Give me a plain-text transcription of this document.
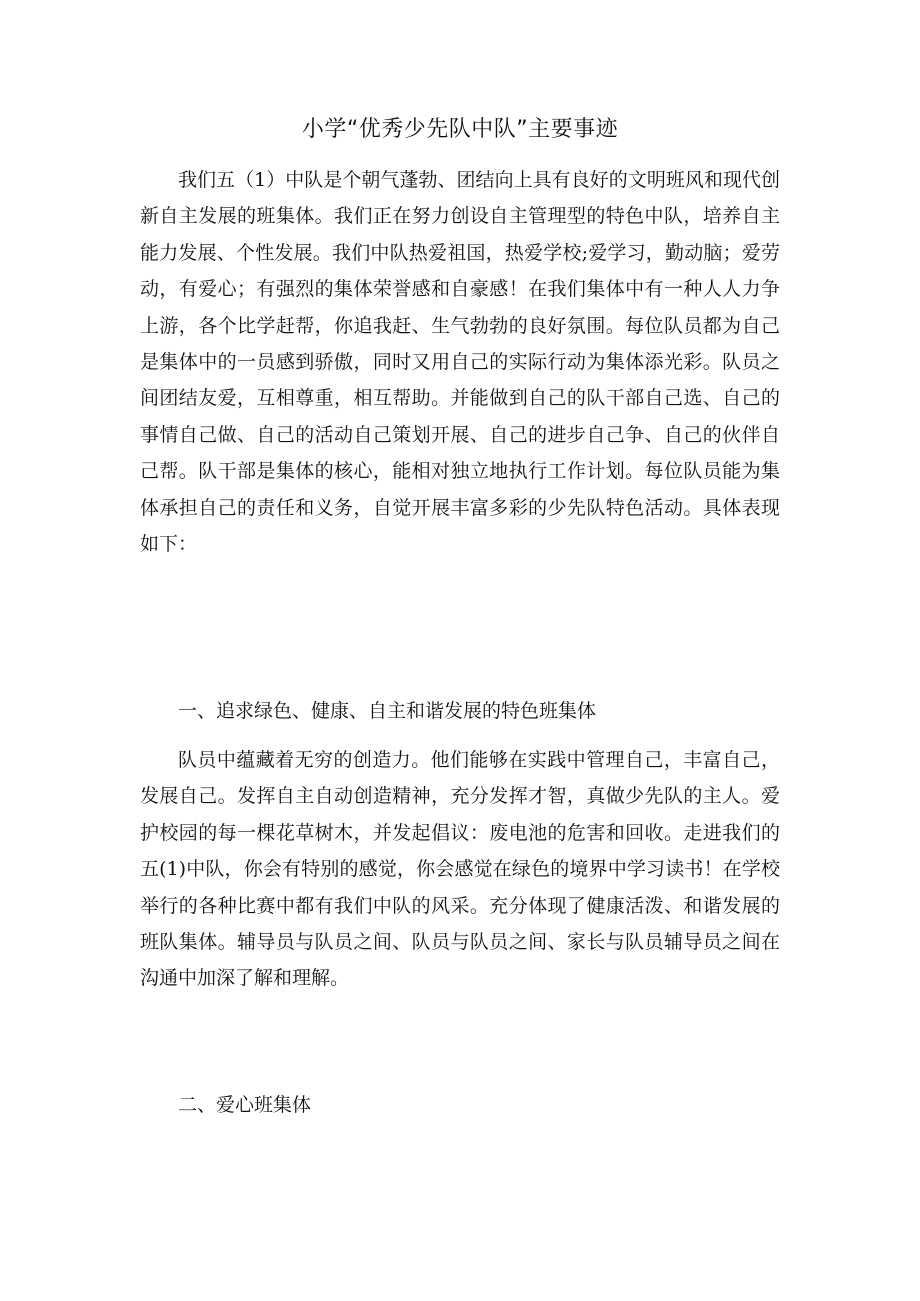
小学“优秀少先队中队”主要事迹

我们五（1）中队是个朝气蓬勃、团结向上具有良好的文明班风和现代创新自主发展的班集体。我们正在努力创设自主管理型的特色中队，培养自主能力发展、个性发展。我们中队热爱祖国，热爱学校;爱学习，勤动脑；爱劳动，有爱心；有强烈的集体荣誉感和自豪感！在我们集体中有一种人人力争上游，各个比学赶帮，你追我赶、生气勃勃的良好氛围。每位队员都为自己是集体中的一员感到骄傲，同时又用自己的实际行动为集体添光彩。队员之间团结友爱，互相尊重，相互帮助。并能做到自己的队干部自己选、自己的事情自己做、自己的活动自己策划开展、自己的进步自己争、自己的伙伴自己帮。队干部是集体的核心，能相对独立地执行工作计划。每位队员能为集体承担自己的责任和义务，自觉开展丰富多彩的少先队特色活动。具体表现如下：

一、追求绿色、健康、自主和谐发展的特色班集体

队员中蕴藏着无穷的创造力。他们能够在实践中管理自己，丰富自己，发展自己。发挥自主自动创造精神，充分发挥才智，真做少先队的主人。爱护校园的每一棵花草树木，并发起倡议：废电池的危害和回收。走进我们的五(1)中队，你会有特别的感觉，你会感觉在绿色的境界中学习读书！在学校举行的各种比赛中都有我们中队的风采。充分体现了健康活泼、和谐发展的班队集体。辅导员与队员之间、队员与队员之间、家长与队员辅导员之间在沟通中加深了解和理解。

二、爱心班集体
